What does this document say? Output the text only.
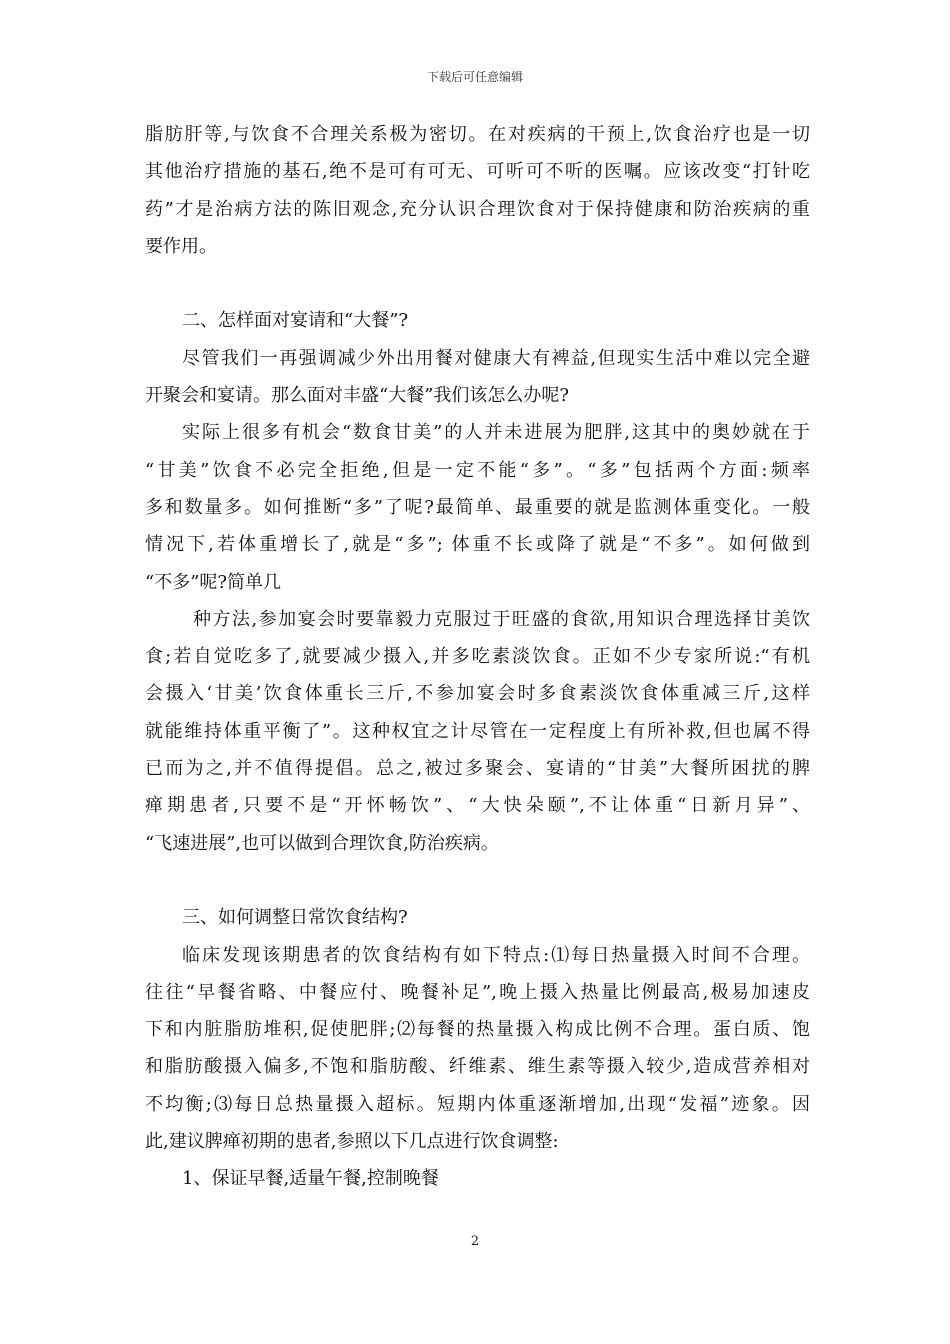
下载后可任意编辑
脂肪肝等,与饮食不合理关系极为密切。在对疾病的干预上,饮食治疗也是一切
其他治疗措施的基石,绝不是可有可无、可听可不听的医嘱。应该改变“打针吃
药”才是治病方法的陈旧观念,充分认识合理饮食对于保持健康和防治疾病的重
要作用。
二、怎样面对宴请和“大餐”?
尽管我们一再强调减少外出用餐对健康大有裨益,但现实生活中难以完全避
开聚会和宴请。那么面对丰盛“大餐”我们该怎么办呢?
实际上很多有机会“数食甘美”的人并未进展为肥胖,这其中的奥妙就在于
“甘美”饮食不必完全拒绝,但是一定不能“多”。“多”包括两个方面:频率
多和数量多。如何推断“多”了呢?最简单、最重要的就是监测体重变化。一般
情况下,若体重增长了,就是“多”; 体重不长或降了就是“不多”。如何做到
“不多”呢?简单几
种方法,参加宴会时要靠毅力克服过于旺盛的食欲,用知识合理选择甘美饮
食;若自觉吃多了,就要减少摄入,并多吃素淡饮食。正如不少专家所说:“有机
会摄入‘甘美’饮食体重长三斤,不参加宴会时多食素淡饮食体重减三斤,这样
就能维持体重平衡了”。这种权宜之计尽管在一定程度上有所补救,但也属不得
已而为之,并不值得提倡。总之,被过多聚会、宴请的“甘美”大餐所困扰的脾
瘅期患者,只要不是“开怀畅饮”、“大快朵颐”,不让体重“日新月异”、
“飞速进展”,也可以做到合理饮食,防治疾病。
三、如何调整日常饮食结构?
临床发现该期患者的饮食结构有如下特点:⑴每日热量摄入时间不合理。
往往“早餐省略、中餐应付、晚餐补足”,晚上摄入热量比例最高,极易加速皮
下和内脏脂肪堆积,促使肥胖;⑵每餐的热量摄入构成比例不合理。蛋白质、饱
和脂肪酸摄入偏多,不饱和脂肪酸、纤维素、维生素等摄入较少,造成营养相对
不均衡;⑶每日总热量摄入超标。短期内体重逐渐增加,出现“发福”迹象。因
此,建议脾瘅初期的患者,参照以下几点进行饮食调整:
1、保证早餐,适量午餐,控制晚餐
2
